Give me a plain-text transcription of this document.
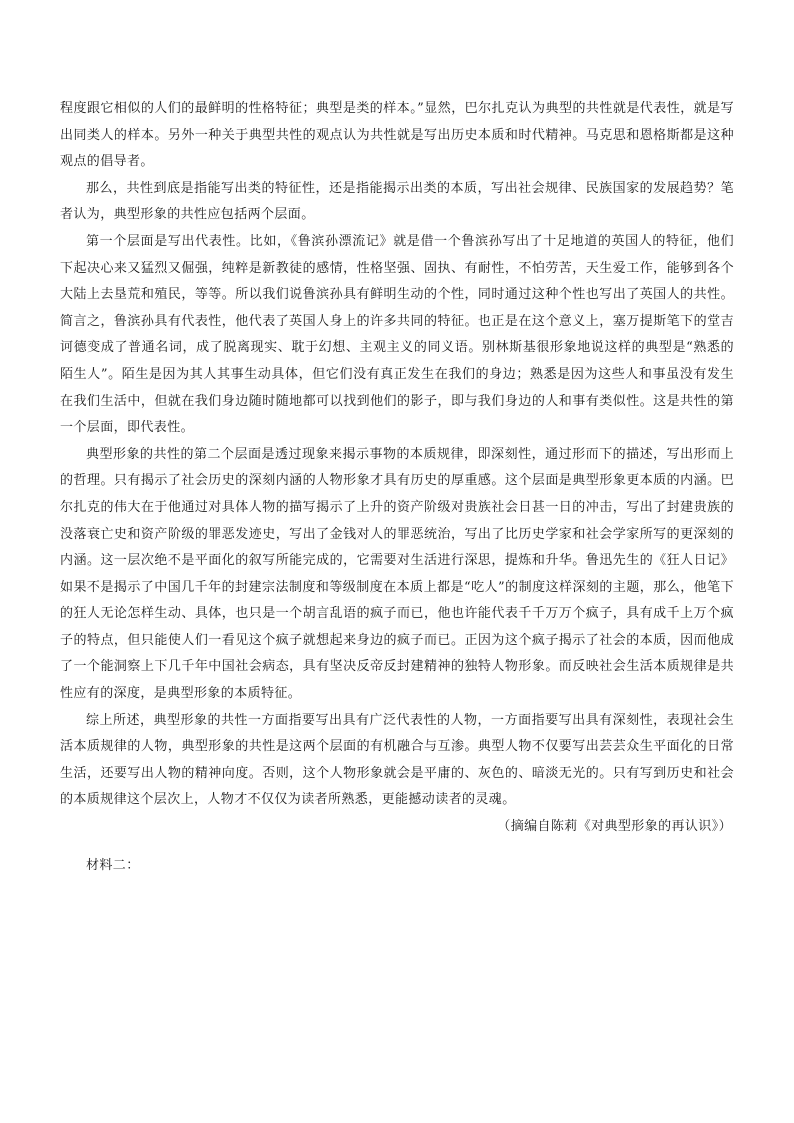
程度跟它相似的人们的最鲜明的性格特征；典型是类的样本。”显然，巴尔扎克认为典型的共性就是代表性，就是写出同类人的样本。另外一种关于典型共性的观点认为共性就是写出历史本质和时代精神。马克思和恩格斯都是这种观点的倡导者。

那么，共性到底是指能写出类的特征性，还是指能揭示出类的本质，写出社会规律、民族国家的发展趋势？笔者认为，典型形象的共性应包括两个层面。

第一个层面是写出代表性。比如，《鲁滨孙漂流记》就是借一个鲁滨孙写出了十足地道的英国人的特征，他们下起决心来又猛烈又倔强，纯粹是新教徒的感情，性格坚强、固执、有耐性，不怕劳苦，天生爱工作，能够到各个大陆上去垦荒和殖民，等等。所以我们说鲁滨孙具有鲜明生动的个性，同时通过这种个性也写出了英国人的共性。简言之，鲁滨孙具有代表性，他代表了英国人身上的许多共同的特征。也正是在这个意义上，塞万提斯笔下的堂吉诃德变成了普通名词，成了脱离现实、耽于幻想、主观主义的同义语。别林斯基很形象地说这样的典型是“熟悉的陌生人”。陌生是因为其人其事生动具体，但它们没有真正发生在我们的身边；熟悉是因为这些人和事虽没有发生在我们生活中，但就在我们身边随时随地都可以找到他们的影子，即与我们身边的人和事有类似性。这是共性的第一个层面，即代表性。

典型形象的共性的第二个层面是透过现象来揭示事物的本质规律，即深刻性，通过形而下的描述，写出形而上的哲理。只有揭示了社会历史的深刻内涵的人物形象才具有历史的厚重感。这个层面是典型形象更本质的内涵。巴尔扎克的伟大在于他通过对具体人物的描写揭示了上升的资产阶级对贵族社会日甚一日的冲击，写出了封建贵族的没落衰亡史和资产阶级的罪恶发迹史，写出了金钱对人的罪恶统治，写出了比历史学家和社会学家所写的更深刻的内涵。这一层次绝不是平面化的叙写所能完成的，它需要对生活进行深思，提炼和升华。鲁迅先生的《狂人日记》如果不是揭示了中国几千年的封建宗法制度和等级制度在本质上都是“吃人”的制度这样深刻的主题，那么，他笔下的狂人无论怎样生动、具体，也只是一个胡言乱语的疯子而已，他也许能代表千千万万个疯子，具有成千上万个疯子的特点，但只能使人们一看见这个疯子就想起来身边的疯子而已。正因为这个疯子揭示了社会的本质，因而他成了一个能洞察上下几千年中国社会病态，具有坚决反帝反封建精神的独特人物形象。而反映社会生活本质规律是共性应有的深度，是典型形象的本质特征。

综上所述，典型形象的共性一方面指要写出具有广泛代表性的人物，一方面指要写出具有深刻性，表现社会生活本质规律的人物，典型形象的共性是这两个层面的有机融合与互渗。典型人物不仅要写出芸芸众生平面化的日常生活，还要写出人物的精神向度。否则，这个人物形象就会是平庸的、灰色的、暗淡无光的。只有写到历史和社会的本质规律这个层次上，人物才不仅仅为读者所熟悉，更能撼动读者的灵魂。

（摘编自陈莉《对典型形象的再认识》）

材料二：
